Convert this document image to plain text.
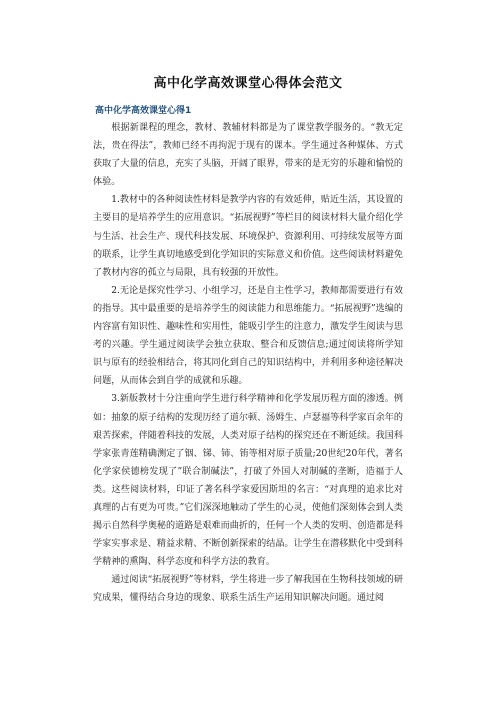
高中化学高效课堂心得体会范文
高中化学高效课堂心得1

根据新课程的理念，教材、教辅材料都是为了课堂教学服务的。“教无定法，贵在得法”，教师已经不再拘泥于现有的课本。学生通过各种媒体、方式获取了大量的信息，充实了头脑，开阔了眼界，带来的是无穷的乐趣和愉悦的体验。

1.教材中的各种阅读性材料是教学内容的有效延伸，贴近生活，其设置的主要目的是培养学生的应用意识。“拓展视野”等栏目的阅读材料大量介绍化学与生活、社会生产、现代科技发展、环境保护、资源利用、可持续发展等方面的联系，让学生真切地感受到化学知识的实际意义和价值。这些阅读材料避免了教材内容的孤立与局限，具有较强的开放性。

2.无论是探究性学习、小组学习，还是自主性学习，教师都需要进行有效的指导。其中最重要的是培养学生的阅读能力和思维能力。“拓展视野”选编的内容富有知识性、趣味性和实用性，能吸引学生的注意力，激发学生阅读与思考的兴趣。学生通过阅读学会独立获取、整合和反馈信息;通过阅读将所学知识与原有的经验相结合，将其同化到自己的知识结构中，并利用多种途径解决问题，从而体会到自学的成就和乐趣。

3.新版教材十分注重向学生进行科学精神和化学发展历程方面的渗透。例如：抽象的原子结构的发现历经了道尔顿、汤姆生、卢瑟福等科学家百余年的艰苦探索，伴随着科技的发展，人类对原子结构的探究还在不断延续。我国科学家张青莲精确测定了铟、锑、铈、铕等相对原子质量;20世纪20年代，著名化学家侯德榜发现了”联合制碱法”，打破了外国人对制碱的垄断，造福于人类。这些阅读材料，印证了著名科学家爱因斯坦的名言：“对真理的追求比对真理的占有更为可贵。”它们深深地触动了学生的心灵，使他们深刻体会到人类揭示自然科学奥秘的道路是艰难而曲折的，任何一个人类的发明、创造都是科学家实事求是、精益求精、不断创新探索的结晶。让学生在潜移默化中受到科学精神的熏陶、科学态度和科学方法的教育。

通过阅读“拓展视野”等材料，学生将进一步了解我国在生物科技领域的研究成果，懂得结合身边的现象、联系生活生产运用知识解决问题。通过阅
